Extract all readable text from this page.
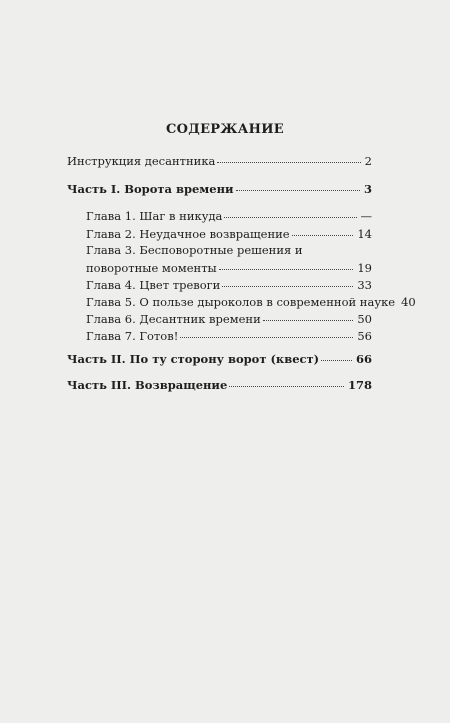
СОДЕРЖАНИЕ
Инструкция десантника	2
Часть I. Ворота времени	3
Глава 1. Шаг в никуда	—
Глава 2. Неудачное возвращение	14
Глава 3. Бесповоротные решения и
поворотные моменты	19
Глава 4. Цвет тревоги	33
Глава 5. О пользе дыроколов в современной науке 40
Глава 6. Десантник времени	50
Глава 7. Готов!	56
Часть II. По ту сторону ворот (квест)	66
Часть III. Возвращение	178
